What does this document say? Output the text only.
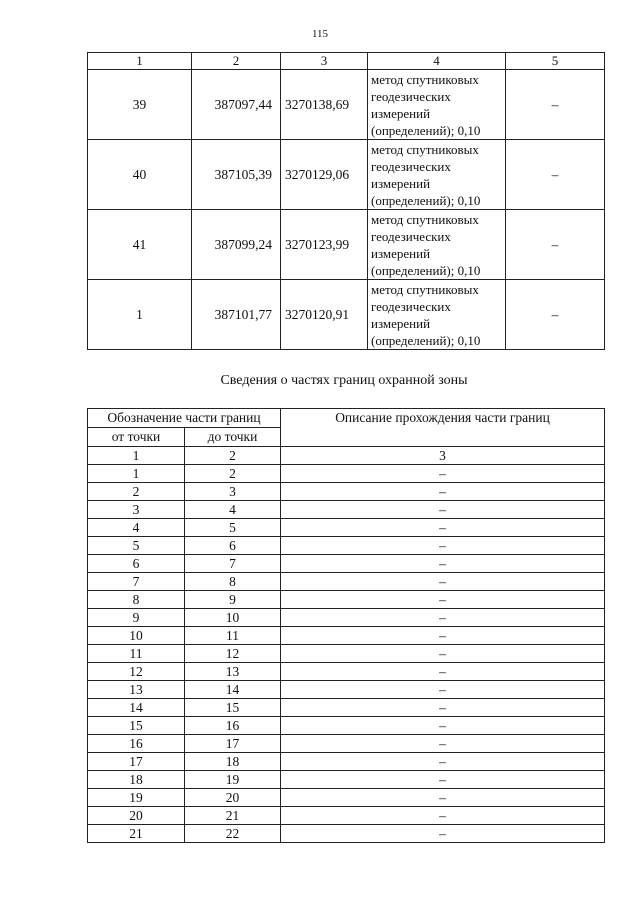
115
1	2	3	4	5
39	387097,44	3270138,69	метод спутниковых
геодезических
измерений
(определений); 0,10	–
40	387105,39	3270129,06	метод спутниковых
геодезических
измерений
(определений); 0,10	–
41	387099,24	3270123,99	метод спутниковых
геодезических
измерений
(определений); 0,10	–
1	387101,77	3270120,91	метод спутниковых
геодезических
измерений
(определений); 0,10	–
Сведения о частях границ охранной зоны
Обозначение части границ		Описание прохождения части границ
от точки	до точки	
1	2	3
1	2	–
2	3	–
3	4	–
4	5	–
5	6	–
6	7	–
7	8	–
8	9	–
9	10	–
10	11	–
11	12	–
12	13	–
13	14	–
14	15	–
15	16	–
16	17	–
17	18	–
18	19	–
19	20	–
20	21	–
21	22	–
